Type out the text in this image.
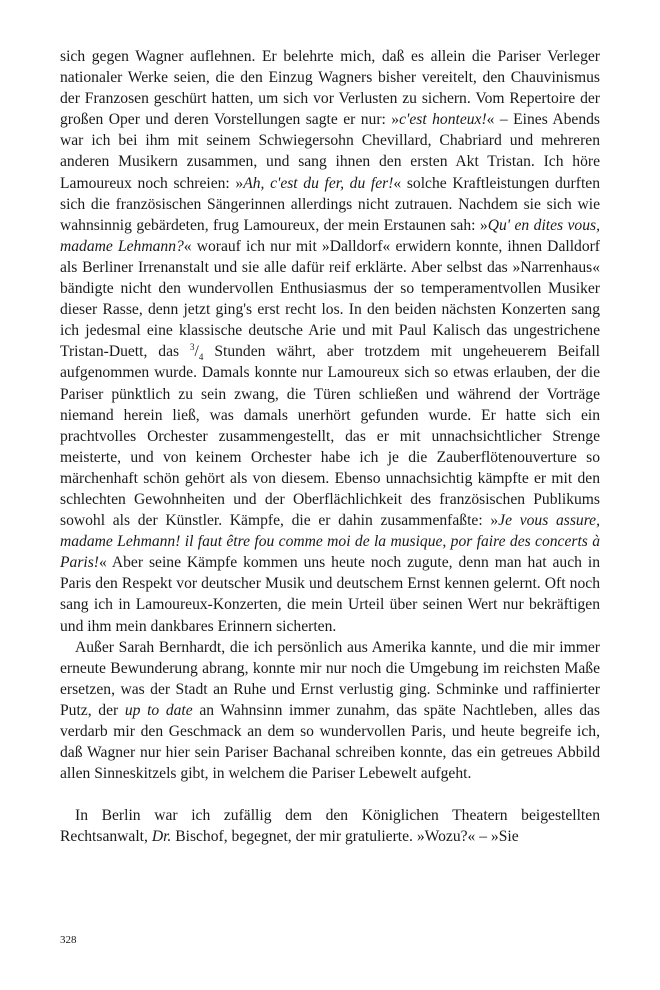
sich gegen Wagner auflehnen. Er belehrte mich, daß es allein die Pariser Verleger nationaler Werke seien, die den Einzug Wagners bisher vereitelt, den Chauvinismus der Franzosen geschürt hatten, um sich vor Verlusten zu sichern. Vom Repertoire der großen Oper und deren Vorstellungen sagte er nur: »c'est honteux!« – Eines Abends war ich bei ihm mit seinem Schwiegersohn Chevillard, Chabriard und mehreren anderen Musikern zusammen, und sang ihnen den ersten Akt Tristan. Ich höre Lamoureux noch schreien: »Ah, c'est du fer, du fer!« solche Kraftleistungen durften sich die französischen Sängerinnen allerdings nicht zutrauen. Nachdem sie sich wie wahnsinnig gebärdeten, frug Lamoureux, der mein Erstaunen sah: »Qu' en dites vous, madame Lehmann?« worauf ich nur mit »Dalldorf« erwidern konnte, ihnen Dalldorf als Berliner Irrenanstalt und sie alle dafür reif erklärte. Aber selbst das »Narrenhaus« bändigte nicht den wundervollen Enthusiasmus der so temperamentvollen Musiker dieser Rasse, denn jetzt ging's erst recht los. In den beiden nächsten Konzerten sang ich jedesmal eine klassische deutsche Arie und mit Paul Kalisch das ungestrichene Tristan-Duett, das $^3/_4$ Stunden währt, aber trotzdem mit ungeheuerem Beifall aufgenommen wurde. Damals konnte nur Lamoureux sich so etwas erlauben, der die Pariser pünktlich zu sein zwang, die Türen schließen und während der Vorträge niemand herein ließ, was damals unerhört gefunden wurde. Er hatte sich ein prachtvolles Orchester zusammengestellt, das er mit unnachsichtlicher Strenge meisterte, und von keinem Orchester habe ich je die Zauberflötenouverture so märchenhaft schön gehört als von diesem. Ebenso unnachsichtig kämpfte er mit den schlechten Gewohnheiten und der Oberflächlichkeit des französischen Publikums sowohl als der Künstler. Kämpfe, die er dahin zusammenfaßte: »Je vous assure, madame Lehmann! il faut être fou comme moi de la musique, por faire des concerts à Paris!« Aber seine Kämpfe kommen uns heute noch zugute, denn man hat auch in Paris den Respekt vor deutscher Musik und deutschem Ernst kennen gelernt. Oft noch sang ich in Lamoureux-Konzerten, die mein Urteil über seinen Wert nur bekräftigen und ihm mein dankbares Erinnern sicherten.

Außer Sarah Bernhardt, die ich persönlich aus Amerika kannte, und die mir immer erneute Bewunderung abrang, konnte mir nur noch die Umgebung im reichsten Maße ersetzen, was der Stadt an Ruhe und Ernst verlustig ging. Schminke und raffinierter Putz, der up to date an Wahnsinn immer zunahm, das späte Nachtleben, alles das verdarb mir den Geschmack an dem so wundervollen Paris, und heute begreife ich, daß Wagner nur hier sein Pariser Bachanal schreiben konnte, das ein getreues Abbild allen Sinneskitzels gibt, in welchem die Pariser Lebewelt aufgeht.

In Berlin war ich zufällig dem den Königlichen Theatern beigestellten Rechtsanwalt, Dr. Bischof, begegnet, der mir gratulierte. »Wozu?« – »Sie

328
